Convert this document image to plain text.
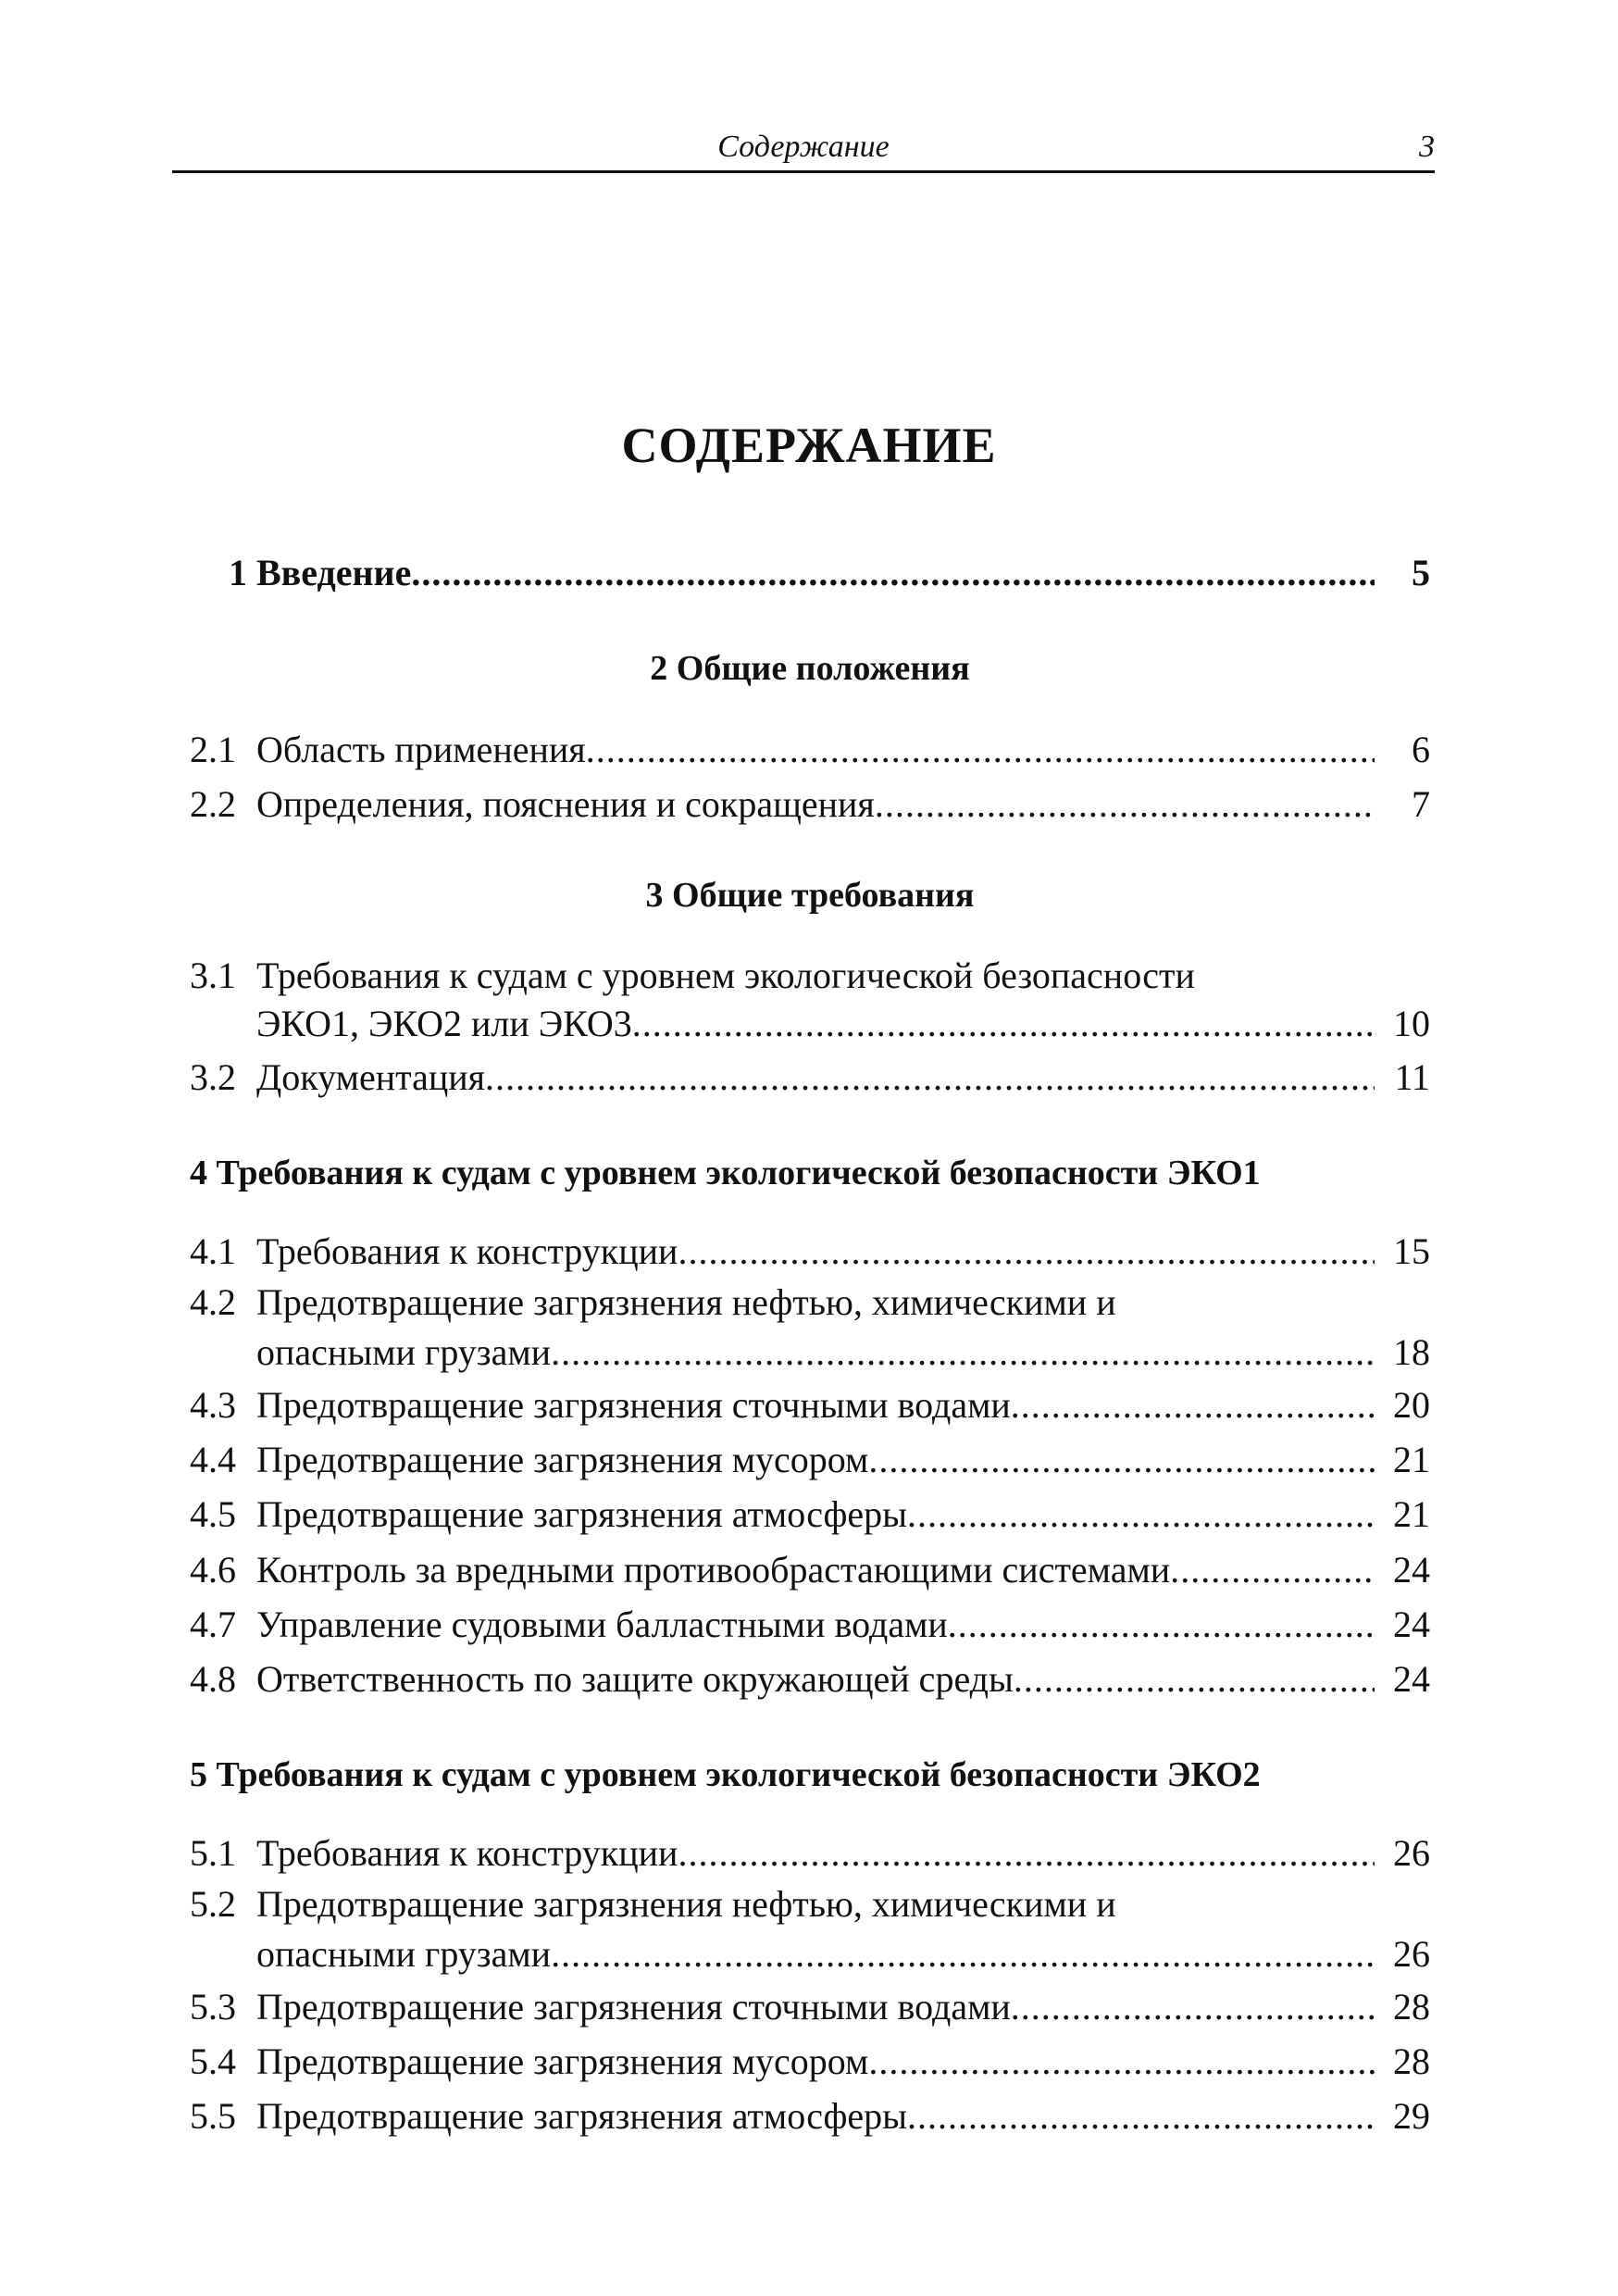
Содержание	3
СОДЕРЖАНИЕ
1 Введение .....	5
2 Общие положения
2.1 Область применения .....	6
2.2 Определения, пояснения и сокращения .....	7
3 Общие требования
3.1 Требования к судам с уровнем экологической безопасности
ЭКО1, ЭКО2 или ЭКО3 .....	10
3.2 Документация .....	11
4 Требования к судам с уровнем экологической безопасности ЭКО1
4.1 Требования к конструкции .....	15
4.2 Предотвращение загрязнения нефтью, химическими и
опасными грузами .....	18
4.3 Предотвращение загрязнения сточными водами .....	20
4.4 Предотвращение загрязнения мусором .....	21
4.5 Предотвращение загрязнения атмосферы .....	21
4.6 Контроль за вредными противообрастающими системами .....	24
4.7 Управление судовыми балластными водами .....	24
4.8 Ответственность по защите окружающей среды .....	24
5 Требования к судам с уровнем экологической безопасности ЭКО2
5.1 Требования к конструкции .....	26
5.2 Предотвращение загрязнения нефтью, химическими и
опасными грузами .....	26
5.3 Предотвращение загрязнения сточными водами .....	28
5.4 Предотвращение загрязнения мусором .....	28
5.5 Предотвращение загрязнения атмосферы .....	29
